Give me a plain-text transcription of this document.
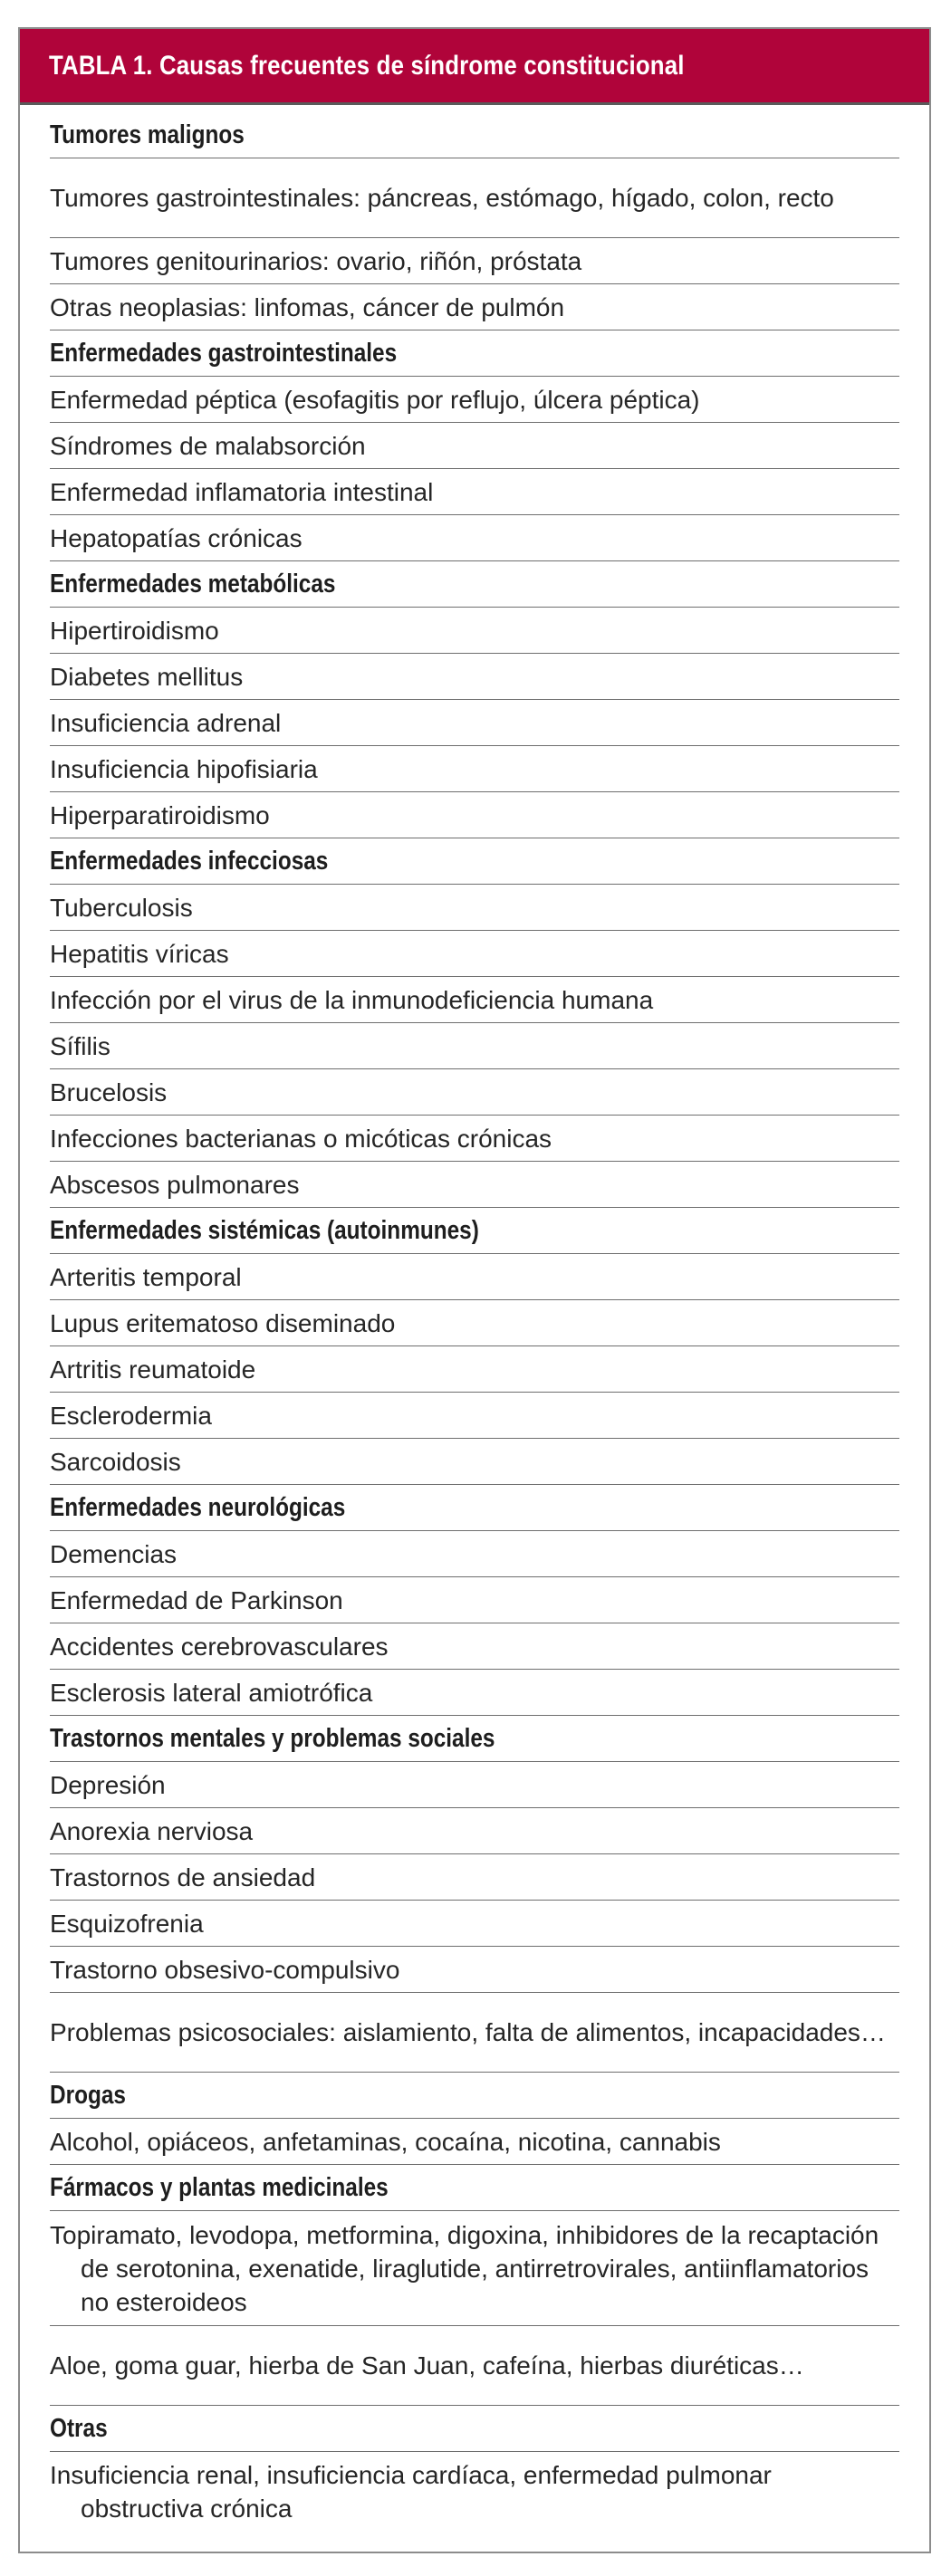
TABLA 1. Causas frecuentes de síndrome constitucional
Tumores malignos
Tumores gastrointestinales: páncreas, estómago, hígado, colon, recto
Tumores genitourinarios: ovario, riñón, próstata
Otras neoplasias: linfomas, cáncer de pulmón
Enfermedades gastrointestinales
Enfermedad péptica (esofagitis por reflujo, úlcera péptica)
Síndromes de malabsorción
Enfermedad inflamatoria intestinal
Hepatopatías crónicas
Enfermedades metabólicas
Hipertiroidismo
Diabetes mellitus
Insuficiencia adrenal
Insuficiencia hipofisiaria
Hiperparatiroidismo
Enfermedades infecciosas
Tuberculosis
Hepatitis víricas
Infección por el virus de la inmunodeficiencia humana
Sífilis
Brucelosis
Infecciones bacterianas o micóticas crónicas
Abscesos pulmonares
Enfermedades sistémicas (autoinmunes)
Arteritis temporal
Lupus eritematoso diseminado
Artritis reumatoide
Esclerodermia
Sarcoidosis
Enfermedades neurológicas
Demencias
Enfermedad de Parkinson
Accidentes cerebrovasculares
Esclerosis lateral amiotrófica
Trastornos mentales y problemas sociales
Depresión
Anorexia nerviosa
Trastornos de ansiedad
Esquizofrenia
Trastorno obsesivo-compulsivo
Problemas psicosociales: aislamiento, falta de alimentos, incapacidades…
Drogas
Alcohol, opiáceos, anfetaminas, cocaína, nicotina, cannabis
Fármacos y plantas medicinales
Topiramato, levodopa, metformina, digoxina, inhibidores de la recaptación de serotonina, exenatide, liraglutide, antirretrovirales, antiinflamatorios no esteroideos
Aloe, goma guar, hierba de San Juan, cafeína, hierbas diuréticas…
Otras
Insuficiencia renal, insuficiencia cardíaca, enfermedad pulmonar obstructiva crónica
